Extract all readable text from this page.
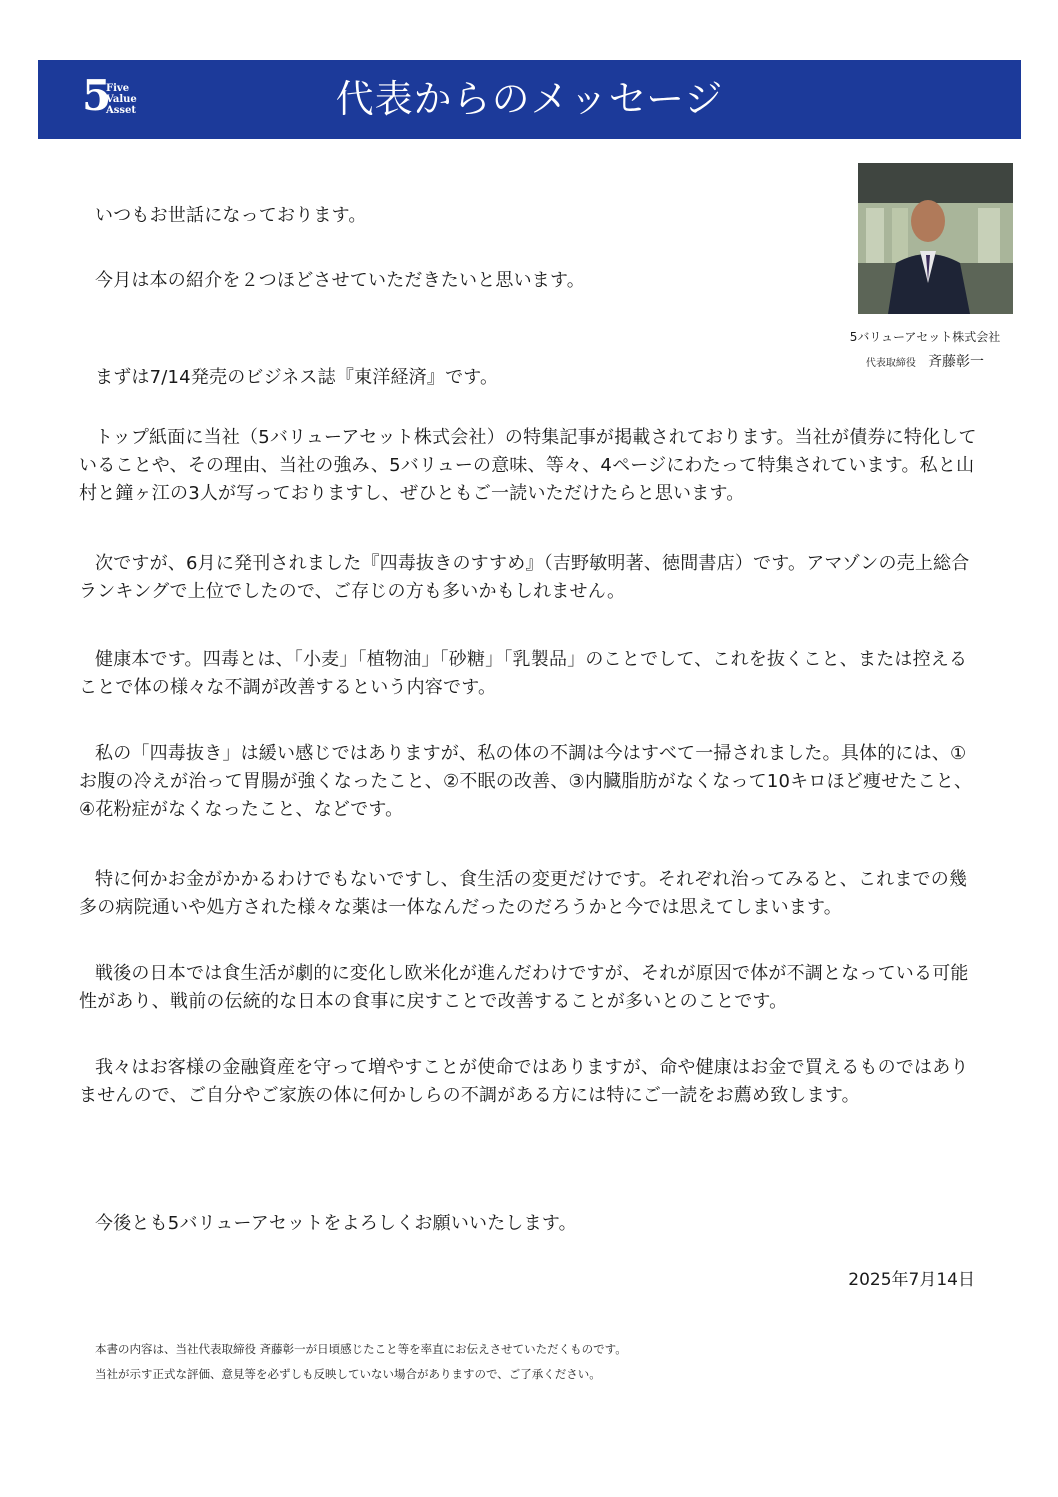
5
Five
Value
Asset	代表からのメッセージ
5バリューアセット株式会社
代表取締役 斉藤彰一

いつもお世話になっております。

今月は本の紹介を２つほどさせていただきたいと思います。

まずは7/14発売のビジネス誌『東洋経済』です。

トップ紙面に当社（5バリューアセット株式会社）の特集記事が掲載されております。当社が債券に特化していることや、その理由、当社の強み、5バリューの意味、等々、4ページにわたって特集されています。私と山村と鐘ヶ江の3人が写っておりますし、ぜひともご一読いただけたらと思います。

次ですが、6月に発刊されました『四毒抜きのすすめ』（吉野敏明著、徳間書店）です。アマゾンの売上総合ランキングで上位でしたので、ご存じの方も多いかもしれません。

健康本です。四毒とは、「小麦」「植物油」「砂糖」「乳製品」のことでして、これを抜くこと、または控えることで体の様々な不調が改善するという内容です。

私の「四毒抜き」は緩い感じではありますが、私の体の不調は今はすべて一掃されました。具体的には、①お腹の冷えが治って胃腸が強くなったこと、②不眠の改善、③内臓脂肪がなくなって10キロほど痩せたこと、④花粉症がなくなったこと、などです。

特に何かお金がかかるわけでもないですし、食生活の変更だけです。それぞれ治ってみると、これまでの幾多の病院通いや処方された様々な薬は一体なんだったのだろうかと今では思えてしまいます。

戦後の日本では食生活が劇的に変化し欧米化が進んだわけですが、それが原因で体が不調となっている可能性があり、戦前の伝統的な日本の食事に戻すことで改善することが多いとのことです。

我々はお客様の金融資産を守って増やすことが使命ではありますが、命や健康はお金で買えるものではありませんので、ご自分やご家族の体に何かしらの不調がある方には特にご一読をお薦め致します。

今後とも5バリューアセットをよろしくお願いいたします。

2025年7月14日
本書の内容は、当社代表取締役 斉藤彰一が日頃感じたこと等を率直にお伝えさせていただくものです。
当社が示す正式な評価、意見等を必ずしも反映していない場合がありますので、ご了承ください。
